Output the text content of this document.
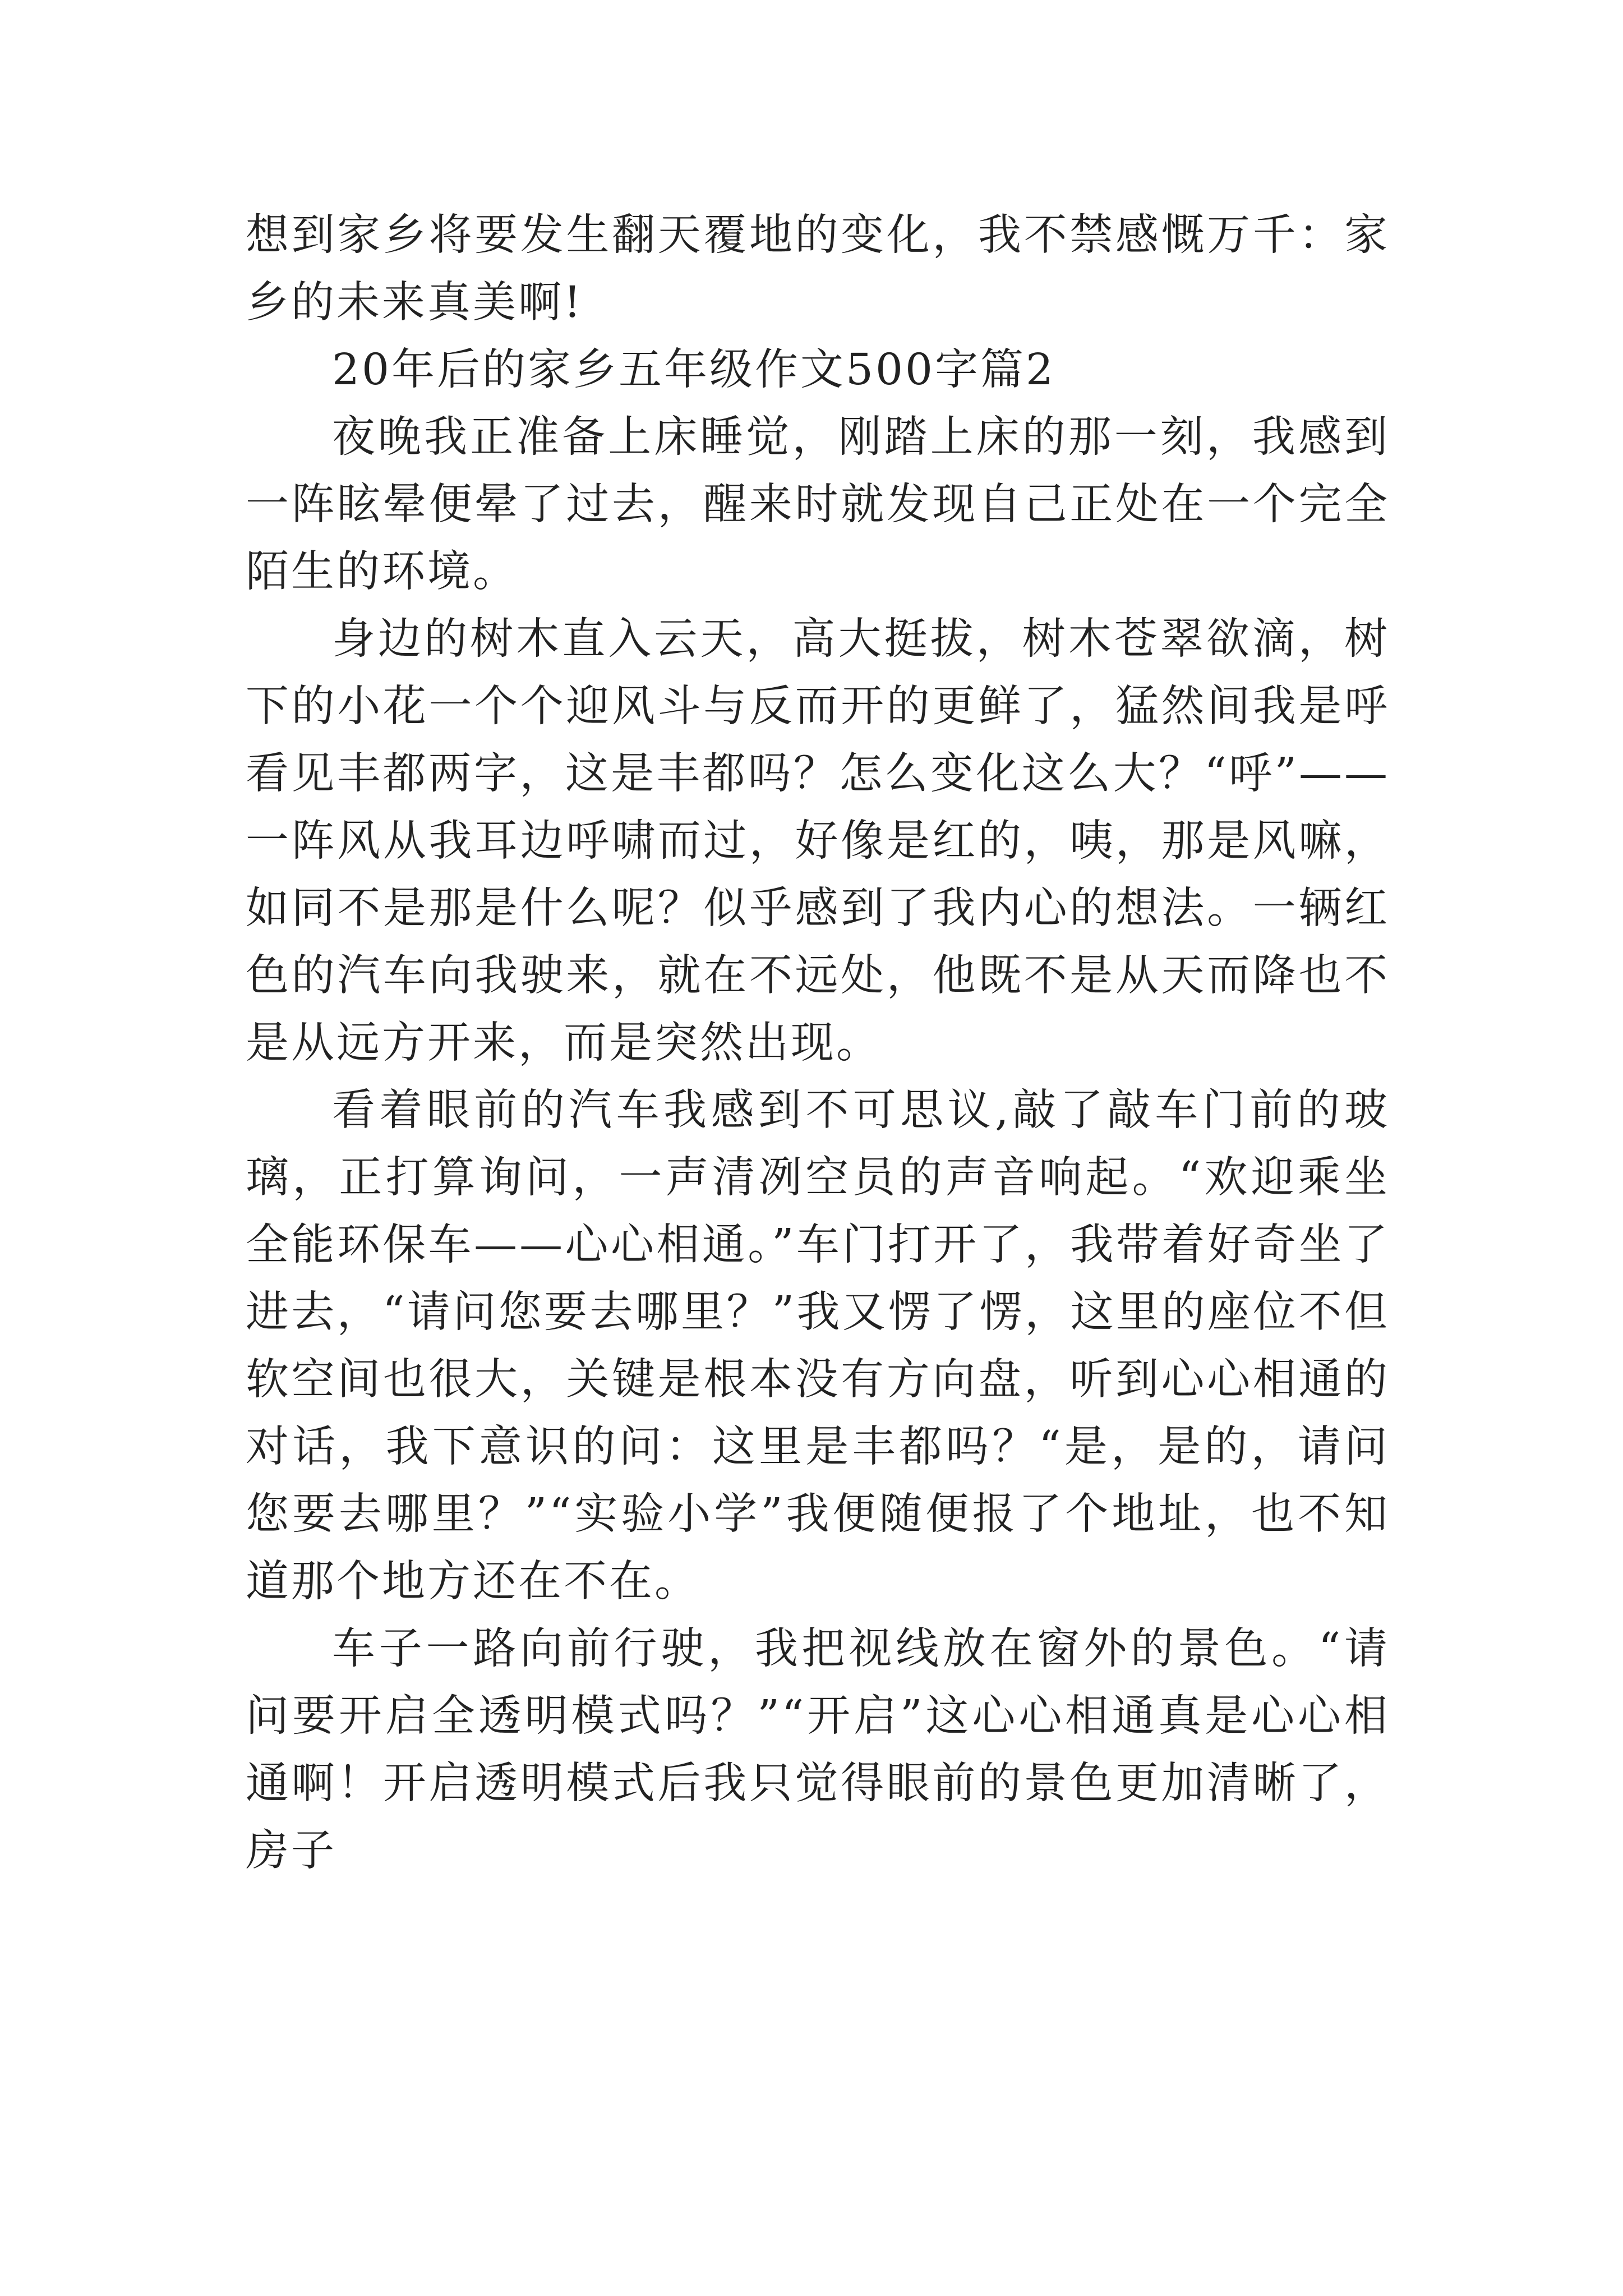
想到家乡将要发生翻天覆地的变化，我不禁感慨万千：家乡的未来真美啊!

20年后的家乡五年级作文500字篇2

夜晚我正准备上床睡觉，刚踏上床的那一刻，我感到一阵眩晕便晕了过去，醒来时就发现自己正处在一个完全陌生的环境。

身边的树木直入云天，高大挺拔，树木苍翠欲滴，树下的小花一个个迎风斗与反而开的更鲜了，猛然间我是呼看见丰都两字，这是丰都吗？怎么变化这么大？“呼”——一阵风从我耳边呼啸而过，好像是红的，咦，那是风嘛，如同不是那是什么呢？似乎感到了我内心的想法。一辆红色的汽车向我驶来，就在不远处，他既不是从天而降也不是从远方开来，而是突然出现。

看着眼前的汽车我感到不可思议,敲了敲车门前的玻璃，正打算询问，一声清冽空员的声音响起。“欢迎乘坐全能环保车——心心相通。”车门打开了，我带着好奇坐了进去，“请问您要去哪里？”我又愣了愣，这里的座位不但软空间也很大，关键是根本没有方向盘，听到心心相通的对话，我下意识的问：这里是丰都吗？“是，是的，请问您要去哪里？”“实验小学”我便随便报了个地址，也不知道那个地方还在不在。

车子一路向前行驶，我把视线放在窗外的景色。“请问要开启全透明模式吗？”“开启”这心心相通真是心心相通啊！开启透明模式后我只觉得眼前的景色更加清晰了，房子
